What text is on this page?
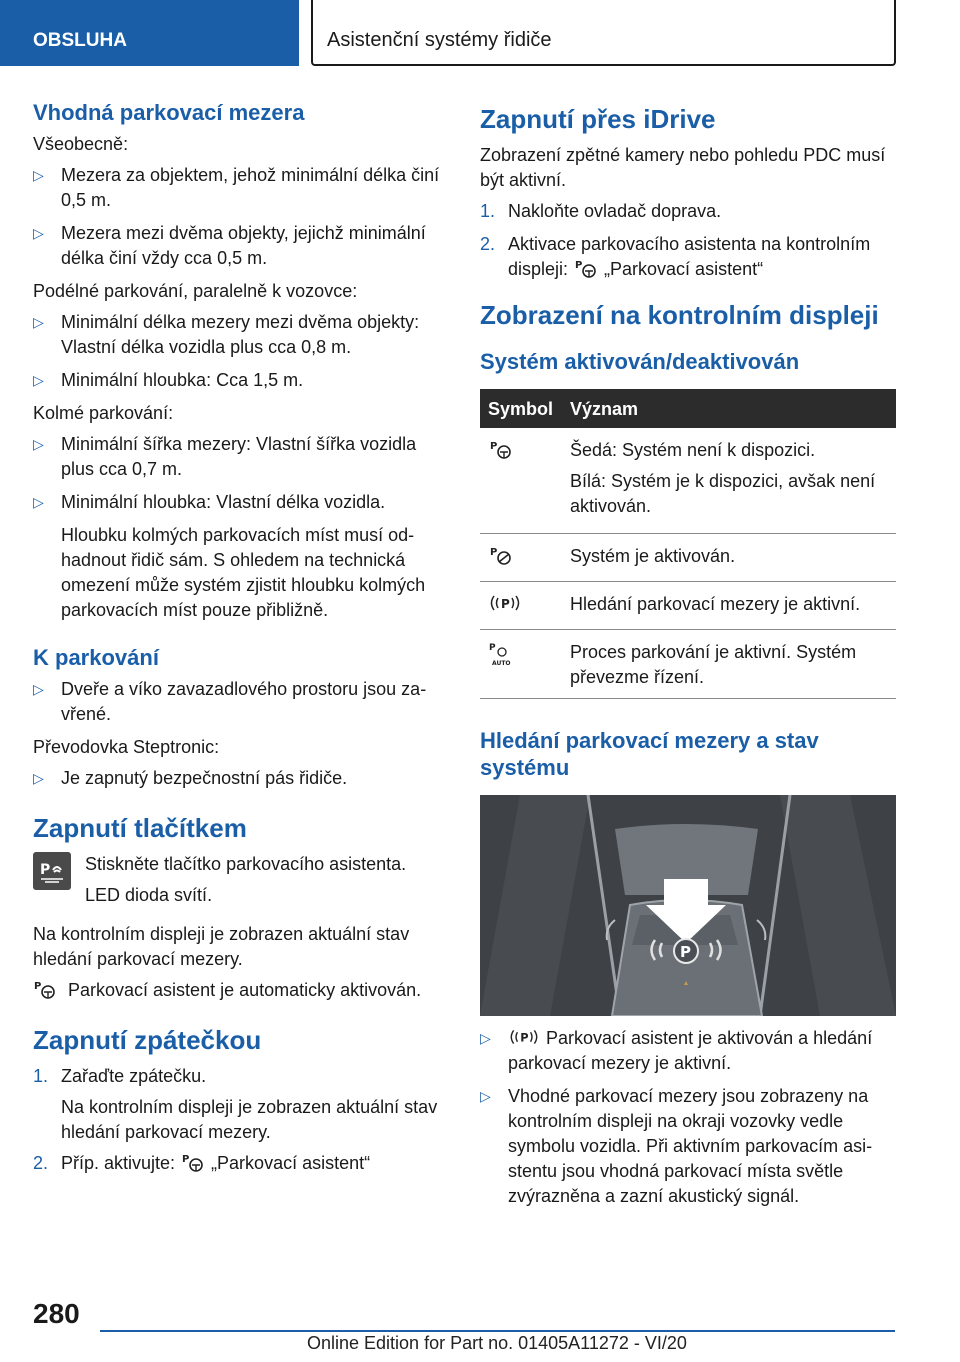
OBSLUHA	Asistenční systémy řidiče
Vhodná parkovací mezera

Všeobecně:

▷ Mezera za objektem, jehož minimální délka činí 0,5 m.
▷ Mezera mezi dvěma objekty, jejichž minimální délka činí vždy cca 0,5 m.

Podélné parkování, paralelně k vozovce:

▷ Minimální délka mezery mezi dvěma objekty: Vlastní délka vozidla plus cca 0,8 m.
▷ Minimální hloubka: Cca 1,5 m.

Kolmé parkování:

▷ Minimální šířka mezery: Vlastní šířka vozidla plus cca 0,7 m.
▷ Minimální hloubka: Vlastní délka vozidla.

Hloubku kolmých parkovacích míst musí odhadnout řidič sám. S ohledem na technická omezení může systém zjistit hloubku kolmých parkovacích míst pouze přibližně.

K parkování
▷ Dveře a víko zavazadlového prostoru jsou zavřené.

Převodovka Steptronic:

▷ Je zapnutý bezpečnostní pás řidiče.
Zapnutí tlačítkem
P Stiskněte tlačítko parkovacího asistenta.

LED dioda svítí.

Na kontrolním displeji je zobrazen aktuální stav hledání parkovací mezery.

P Parkovací asistent je automaticky aktivován.

Zapnutí zpátečkou
1. Zařaďte zpátečku.

Na kontrolním displeji je zobrazen aktuální stav hledání parkovací mezery.

2. Příp. aktivujte: P „Parkovací asistent“
Zapnutí přes iDrive

Zobrazení zpětné kamery nebo pohledu PDC musí být aktivní.

1. Nakloňte ovladač doprava.
2. Aktivace parkovacího asistenta na kontrolním displeji: P „Parkovací asistent“
Zobrazení na kontrolním displeji
Systém aktivován/deaktivován
Symbol	Význam

P	Šedá: Systém není k dispozici.

Bílá: Systém je k dispozici, avšak není aktivován.

P	Systém je aktivován.

P	Hledání parkovací mezery je aktivní.

P
AUTO	Proces parkování je aktivní. Systém převezme řízení.
Hledání parkovací mezery a stav systému
P
▷ P Parkovací asistent je aktivován a hledání parkovací mezery je aktivní.
▷ Vhodné parkovací mezery jsou zobrazeny na kontrolním displeji na okraji vozovky vedle symbolu vozidla. Při aktivním parkovacím asistentu jsou vhodná parkovací místa světle zvýrazněna a zazní akustický signál.
280
Online Edition for Part no. 01405A11272 - VI/20
